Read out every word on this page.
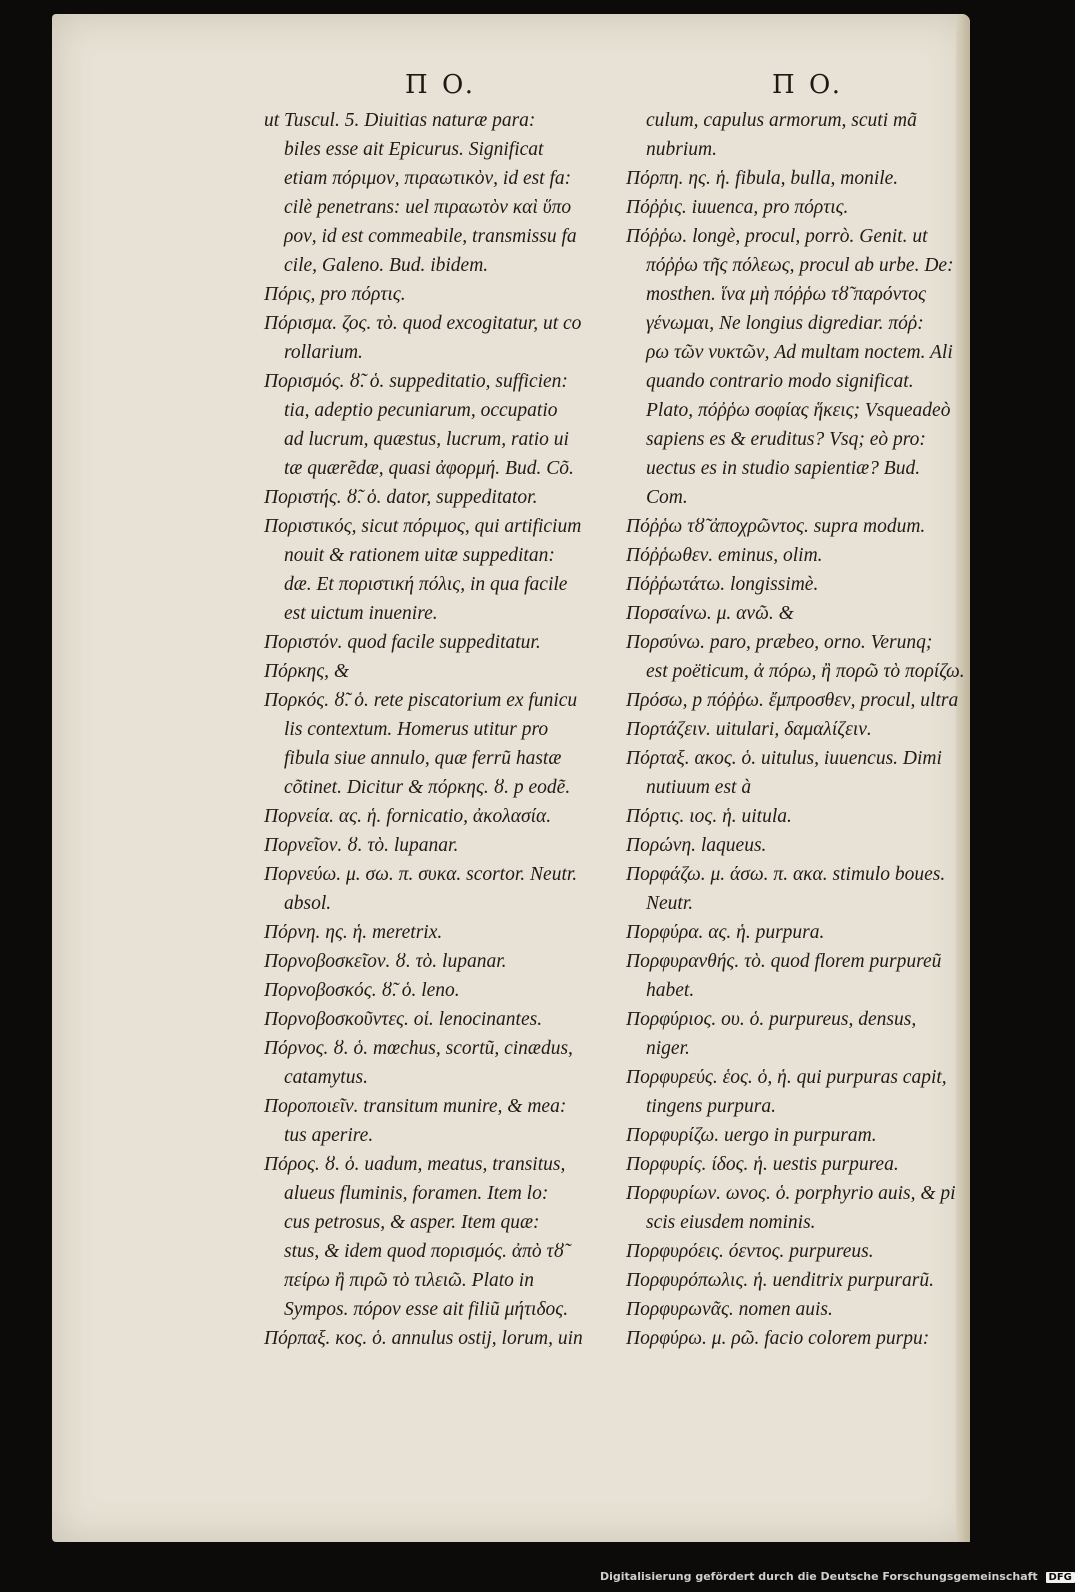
Π O.	Π O.
ut Tuscul. 5. Diuitias naturæ para:
biles esse ait Epicurus. Significat
etiam πόριμον, πιραωτικὸν, id est fa:
cilè penetrans: uel πιραωτὸν καὶ ὕπο
ρον, id est commeabile, transmissu fa
cile, Galeno. Bud. ibidem.
Πόρις, pro πόρτις.
Πόρισμα. ζος. τὸ. quod excogitatur, ut co
rollarium.
Πορισμός. ȣ̃. ὁ. suppeditatio, sufficien:
tia, adeptio pecuniarum, occupatio
ad lucrum, quæstus, lucrum, ratio ui
tæ quærẽdæ, quasi ἀφορμή. Bud. Cõ.
Ποριστής. ȣ̃. ὁ. dator, suppeditator.
Ποριστικός, sicut πόριμος, qui artificium
nouit & rationem uitæ suppeditan:
dæ. Et ποριστική πόλις, in qua facile
est uictum inuenire.
Ποριστόν. quod facile suppeditatur.
Πόρκης, &
Πορκός. ȣ̃. ὁ. rete piscatorium ex funicu
lis contextum. Homerus utitur pro
fibula siue annulo, quæ ferrũ hastæ
cõtinet. Dicitur & πόρκης. ȣ. p eodẽ.
Πορνεία. ας. ἡ. fornicatio, ἀκολασία.
Πορνεῖον. ȣ. τὸ. lupanar.
Πορνεύω. μ. σω. π. συκα. scortor. Neutr.
absol.
Πόρνη. ης. ἡ. meretrix.
Πορνοβοσκεῖον. ȣ. τὸ. lupanar.
Πορνοβοσκός. ȣ̃. ὁ. leno.
Πορνοβοσκοῦντες. οἱ. lenocinantes.
Πόρνος. ȣ. ὁ. mœchus, scortũ, cinædus,
catamytus.
Ποροποιεῖν. transitum munire, & mea:
tus aperire.
Πόρος. ȣ. ὁ. uadum, meatus, transitus,
alueus fluminis, foramen. Item lo:
cus petrosus, & asper. Item quæ:
stus, & idem quod πορισμός. ἀπὸ τȣ̃
πείρω ἢ πιρῶ τὸ τιλειῶ. Plato in
Sympos. πόρον esse ait filiũ μήτιδος.
Πόρπαξ. κος. ὁ. annulus ostij, lorum, uin
culum, capulus armorum, scuti mã
nubrium.
Πόρπη. ης. ἡ. fibula, bulla, monile.
Πόῤῥις. iuuenca, pro πόρτις.
Πόῤῥω. longè, procul, porrò. Genit. ut
πόῤῥω τῆς πόλεως, procul ab urbe. De:
mosthen. ἵνα μὴ πόῤῥω τȣ̃ παρόντος
γένωμαι, Ne longius digrediar. πόῤ:
ρω τῶν νυκτῶν, Ad multam noctem. Ali
quando contrario modo significat.
Plato, πόῤῥω σοφίας ἥκεις; Vsqueadeò
sapiens es & eruditus? Vsq; eò pro:
uectus es in studio sapientiæ? Bud.
Com.
Πόῤῥω τȣ̃ ἀποχρῶντος. supra modum.
Πόῤῥωθεν. eminus, olim.
Πόῤῥωτάτω. longissimè.
Πορσαίνω. μ. ανῶ. &
Πορσύνω. paro, præbeo, orno. Verunq;
est poëticum, ἀ πόρω, ἢ πορῶ τὸ πορίζω.
Πρόσω, p πόῤῥω. ἔμπροσθεν, procul, ultra
Πορτάζειν. uitulari, δαμαλίζειν.
Πόρταξ. ακος. ὁ. uitulus, iuuencus. Dimi
nutiuum est à
Πόρτις. ιος. ἡ. uitula.
Πορώνη. laqueus.
Πορφάζω. μ. άσω. π. ακα. stimulo boues.
Neutr.
Πορφύρα. ας. ἡ. purpura.
Πορφυρανθής. τὸ. quod florem purpureũ
habet.
Πορφύριος. ου. ὁ. purpureus, densus,
niger.
Πορφυρεύς. ἑος. ὁ, ἡ. qui purpuras capit,
tingens purpura.
Πορφυρίζω. uergo in purpuram.
Πορφυρίς. ίδος. ἡ. uestis purpurea.
Πορφυρίων. ωνος. ὁ. porphyrio auis, & pi
scis eiusdem nominis.
Πορφυρόεις. όεντος. purpureus.
Πορφυρόπωλις. ἡ. uenditrix purpurarũ.
Πορφυρωνᾶς. nomen auis.
Πορφύρω. μ. ρῶ. facio colorem purpu:
Digitalisierung gefördert durch die Deutsche Forschungsgemeinschaft DFG
